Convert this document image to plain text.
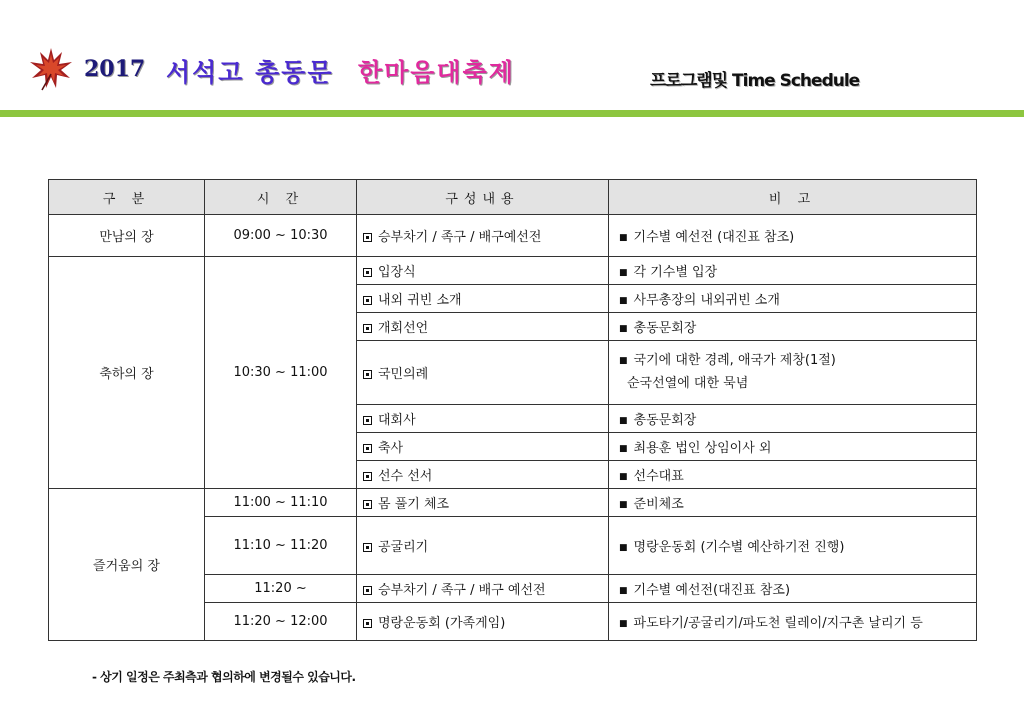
2017 서석고 총동문 한마음대축제	프로그램및 Time Schedule
구 분	시 간	구성내용	비 고
만남의 장	09:00 ~ 10:30	승부차기 / 족구 / 배구예선전	■ 기수별 예선전 (대진표 참조)
축하의 장	10:30 ~ 11:00	입장식	■ 각 기수별 입장
		내외 귀빈 소개	■ 사무총장의 내외귀빈 소개
		개회선언	■ 총동문회장
		국민의례	■ 국기에 대한 경례, 애국가 제창(1절)
순국선열에 대한 묵념

		대회사	■ 총동문회장
		축사	■ 최용훈 법인 상임이사 외
		선수 선서	■ 선수대표
즐거움의 장	11:00 ~ 11:10	몸 풀기 체조	■ 준비체조
	11:10 ~ 11:20	공굴리기	■ 명랑운동회 (기수별 예산하기전 진행)
	11:20 ~	승부차기 / 족구 / 배구 예선전	■ 기수별 예선전(대진표 참조)
	11:20 ~ 12:00	명랑운동회 (가족게임)	■ 파도타기/공굴리기/파도천 릴레이/지구촌 날리기 등
- 상기 일정은 주최측과 협의하에 변경될수 있습니다.
